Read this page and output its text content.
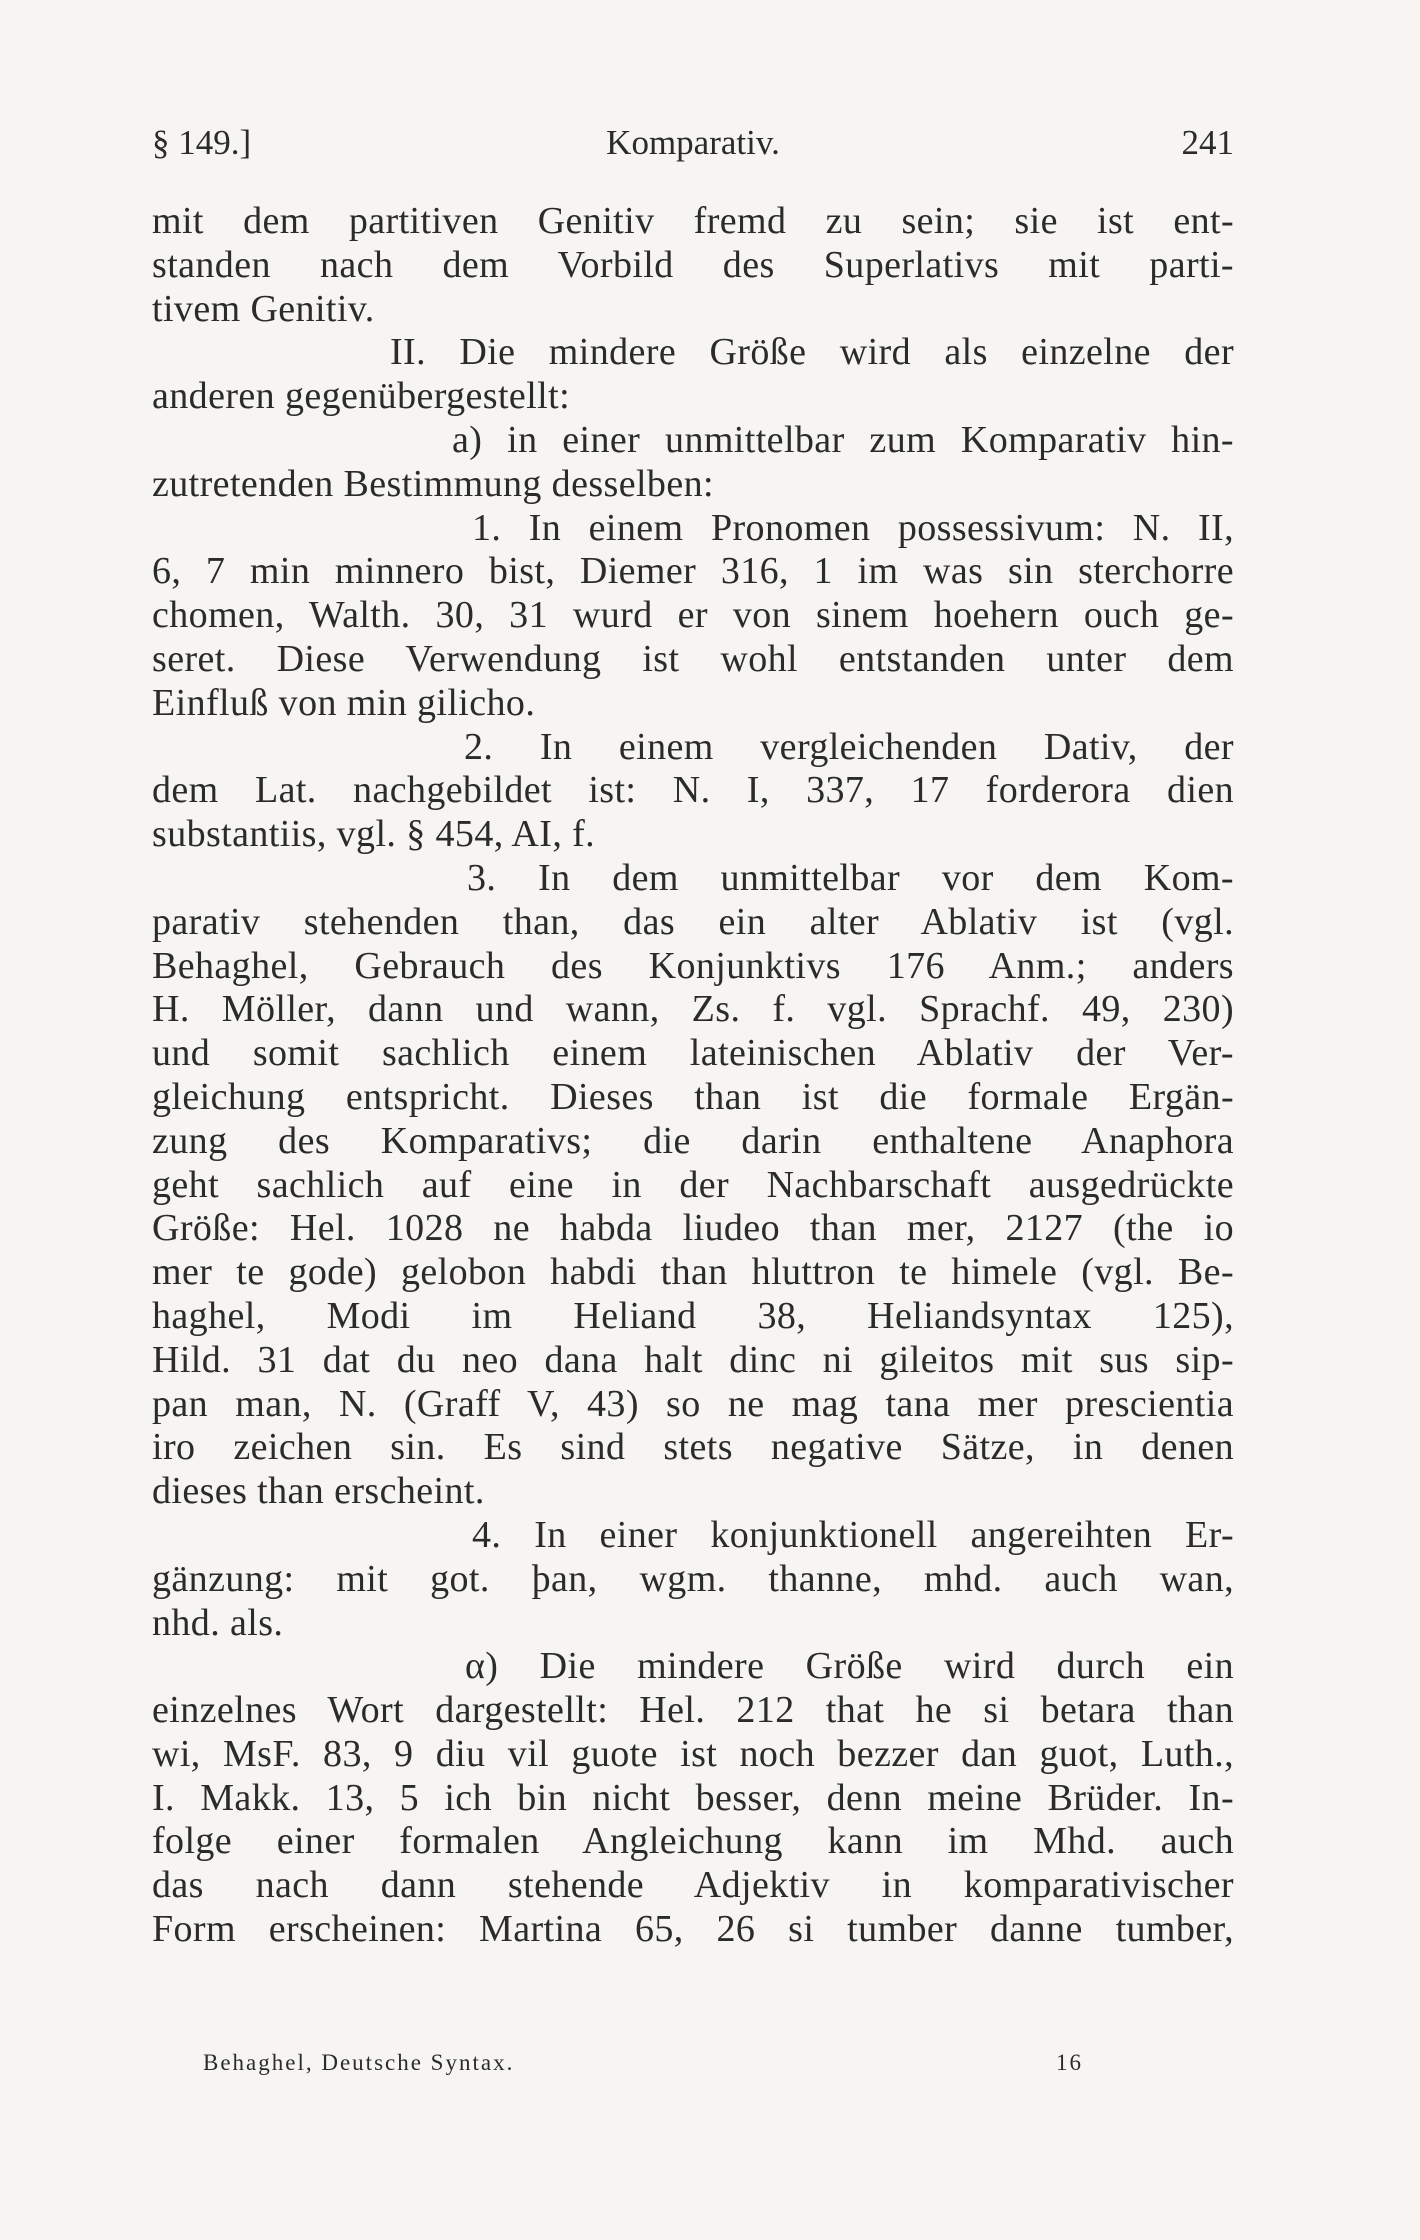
§ 149.]	Komparativ.	241
mit dem partitiven Genitiv fremd zu sein; sie ist ent-
standen nach dem Vorbild des Superlativs mit parti-
tivem Genitiv.
II. Die mindere Größe wird als einzelne der
anderen gegenübergestellt:
a) in einer unmittelbar zum Komparativ hin-
zutretenden Bestimmung desselben:
1. In einem Pronomen possessivum: N. II,
6, 7 min minnero bist, Diemer 316, 1 im was sin sterchorre
chomen, Walth. 30, 31 wurd er von sinem hoehern ouch ge-
seret. Diese Verwendung ist wohl entstanden unter dem
Einfluß von min gilicho.
2. In einem vergleichenden Dativ, der
dem Lat. nachgebildet ist: N. I, 337, 17 forderora dien
substantiis, vgl. § 454, AI, f.
3. In dem unmittelbar vor dem Kom-
parativ stehenden than, das ein alter Ablativ ist (vgl.
Behaghel, Gebrauch des Konjunktivs 176 Anm.; anders
H. Möller, dann und wann, Zs. f. vgl. Sprachf. 49, 230)
und somit sachlich einem lateinischen Ablativ der Ver-
gleichung entspricht. Dieses than ist die formale Ergän-
zung des Komparativs; die darin enthaltene Anaphora
geht sachlich auf eine in der Nachbarschaft ausgedrückte
Größe: Hel. 1028 ne habda liudeo than mer, 2127 (the io
mer te gode) gelobon habdi than hluttron te himele (vgl. Be-
haghel, Modi im Heliand 38, Heliandsyntax 125),
Hild. 31 dat du neo dana halt dinc ni gileitos mit sus sip-
pan man, N. (Graff V, 43) so ne mag tana mer prescientia
iro zeichen sin. Es sind stets negative Sätze, in denen
dieses than erscheint.
4. In einer konjunktionell angereihten Er-
gänzung: mit got. þan, wgm. thanne, mhd. auch wan,
nhd. als.
α) Die mindere Größe wird durch ein
einzelnes Wort dargestellt: Hel. 212 that he si betara than
wi, MsF. 83, 9 diu vil guote ist noch bezzer dan guot, Luth.,
I. Makk. 13, 5 ich bin nicht besser, denn meine Brüder. In-
folge einer formalen Angleichung kann im Mhd. auch
das nach dann stehende Adjektiv in komparativischer
Form erscheinen: Martina 65, 26 si tumber danne tumber,
Behaghel, Deutsche Syntax.	16
